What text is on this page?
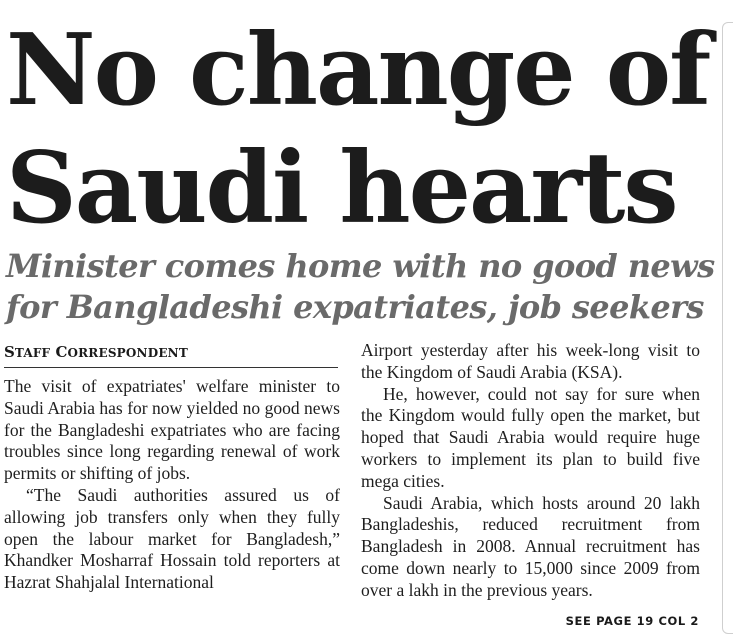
No change of
Saudi hearts
Minister comes home with no good news
for Bangladeshi expatriates, job seekers
STAFF CORRESPONDENT

The visit of expatriates' welfare minister to Saudi Arabia has for now yielded no good news for the Bangladeshi expatriates who are facing troubles since long regarding renewal of work permits or shifting of jobs.

“The Saudi authorities assured us of allowing job transfers only when they fully open the labour market for Bangladesh,” Khandker Mosharraf Hossain told reporters at Hazrat Shahjalal International

Airport yesterday after his week-long visit to the Kingdom of Saudi Arabia (KSA).

He, however, could not say for sure when the Kingdom would fully open the market, but hoped that Saudi Arabia would require huge workers to implement its plan to build five mega cities.

Saudi Arabia, which hosts around 20 lakh Bangladeshis, reduced recruitment from Bangladesh in 2008. Annual recruitment has come down nearly to 15,000 since 2009 from over a lakh in the previous years.

SEE PAGE 19 COL 2
